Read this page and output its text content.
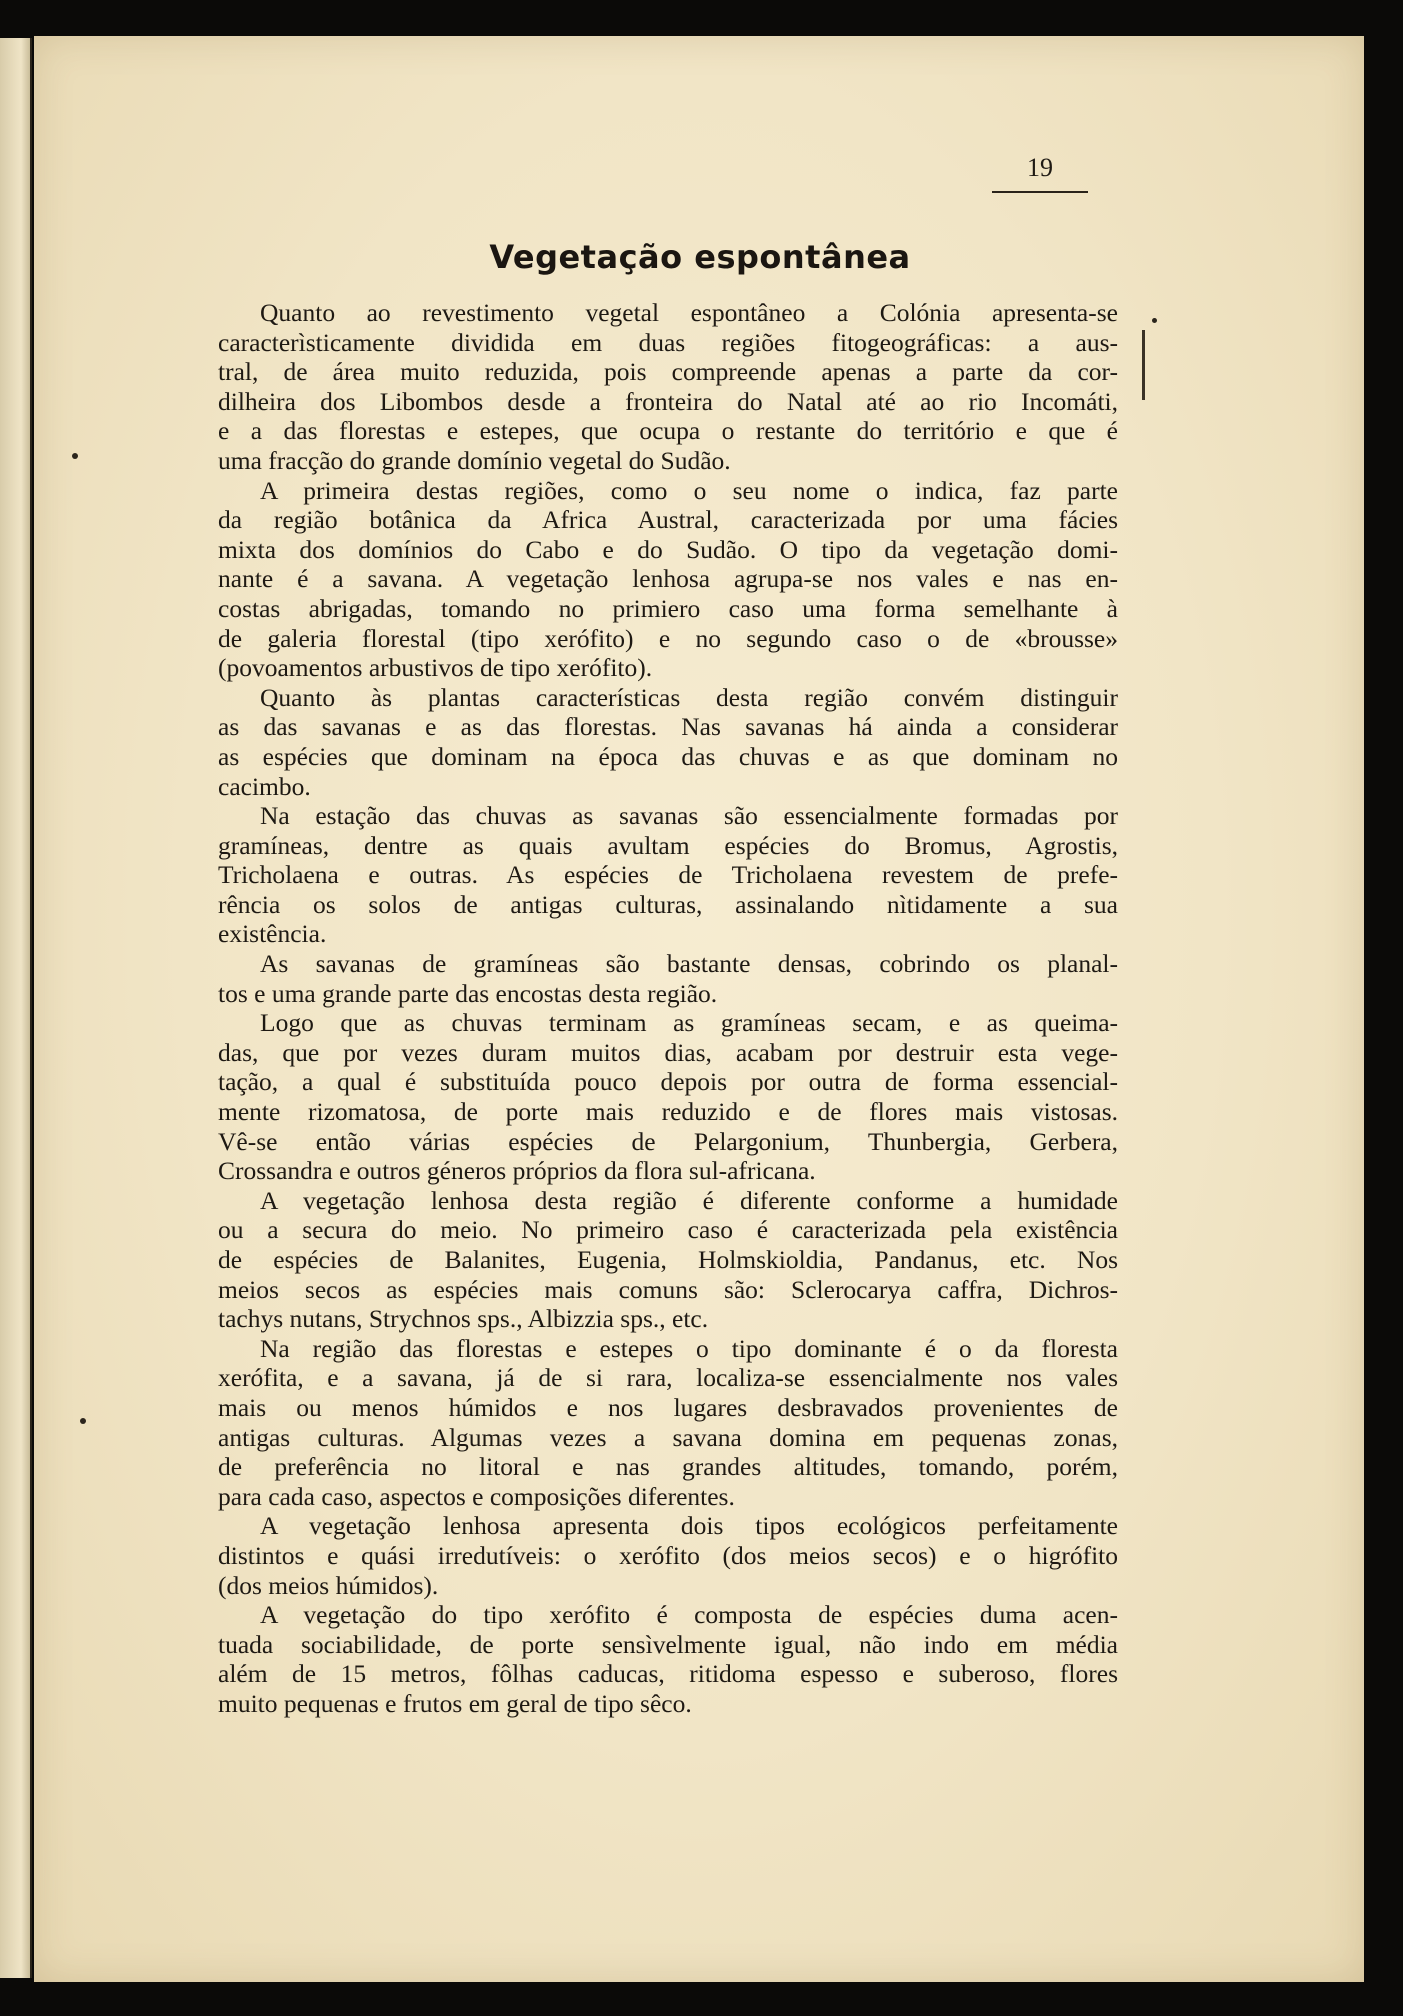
19
Vegetação espontânea
Quanto ao revestimento vegetal espontâneo a Colónia apresenta-se
caracterìsticamente dividida em duas regiões fitogeográficas: a aus-
tral, de área muito reduzida, pois compreende apenas a parte da cor-
dilheira dos Libombos desde a fronteira do Natal até ao rio Incomáti,
e a das florestas e estepes, que ocupa o restante do território e que é
uma fracção do grande domínio vegetal do Sudão.
A primeira destas regiões, como o seu nome o indica, faz parte
da região botânica da Africa Austral, caracterizada por uma fácies
mixta dos domínios do Cabo e do Sudão. O tipo da vegetação domi-
nante é a savana. A vegetação lenhosa agrupa-se nos vales e nas en-
costas abrigadas, tomando no primiero caso uma forma semelhante à
de galeria florestal (tipo xerófito) e no segundo caso o de «brousse»
(povoamentos arbustivos de tipo xerófito).
Quanto às plantas características desta região convém distinguir
as das savanas e as das florestas. Nas savanas há ainda a considerar
as espécies que dominam na época das chuvas e as que dominam no
cacimbo.
Na estação das chuvas as savanas são essencialmente formadas por
gramíneas, dentre as quais avultam espécies do Bromus, Agrostis,
Tricholaena e outras. As espécies de Tricholaena revestem de prefe-
rência os solos de antigas culturas, assinalando nìtidamente a sua
existência.
As savanas de gramíneas são bastante densas, cobrindo os planal-
tos e uma grande parte das encostas desta região.
Logo que as chuvas terminam as gramíneas secam, e as queima-
das, que por vezes duram muitos dias, acabam por destruir esta vege-
tação, a qual é substituída pouco depois por outra de forma essencial-
mente rizomatosa, de porte mais reduzido e de flores mais vistosas.
Vê-se então várias espécies de Pelargonium, Thunbergia, Gerbera,
Crossandra e outros géneros próprios da flora sul-africana.
A vegetação lenhosa desta região é diferente conforme a humidade
ou a secura do meio. No primeiro caso é caracterizada pela existência
de espécies de Balanites, Eugenia, Holmskioldia, Pandanus, etc. Nos
meios secos as espécies mais comuns são: Sclerocarya caffra, Dichros-
tachys nutans, Strychnos sps., Albizzia sps., etc.
Na região das florestas e estepes o tipo dominante é o da floresta
xerófita, e a savana, já de si rara, localiza-se essencialmente nos vales
mais ou menos húmidos e nos lugares desbravados provenientes de
antigas culturas. Algumas vezes a savana domina em pequenas zonas,
de preferência no litoral e nas grandes altitudes, tomando, porém,
para cada caso, aspectos e composições diferentes.
A vegetação lenhosa apresenta dois tipos ecológicos perfeitamente
distintos e quási irredutíveis: o xerófito (dos meios secos) e o higrófito
(dos meios húmidos).
A vegetação do tipo xerófito é composta de espécies duma acen-
tuada sociabilidade, de porte sensìvelmente igual, não indo em média
além de 15 metros, fôlhas caducas, ritidoma espesso e suberoso, flores
muito pequenas e frutos em geral de tipo sêco.
